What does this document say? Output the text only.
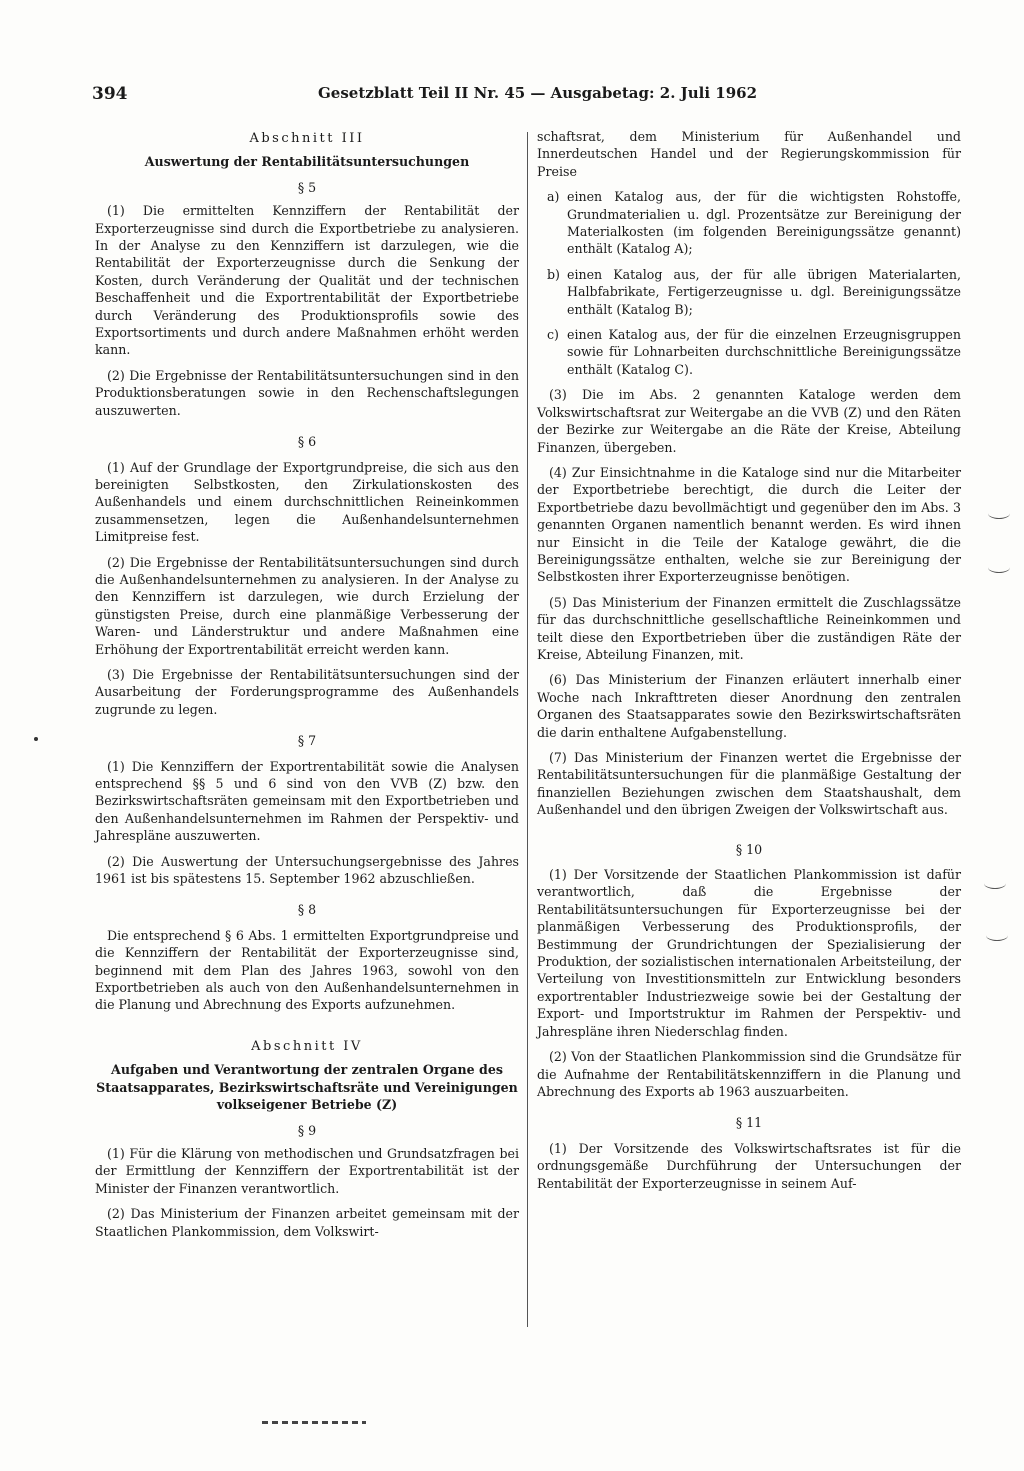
394	Gesetzblatt Teil II Nr. 45 — Ausgabetag: 2. Juli 1962
Abschnitt III
Auswertung der Rentabilitätsuntersuchungen
§ 5

(1) Die ermittelten Kennziffern der Rentabilität der Exporterzeugnisse sind durch die Exportbetriebe zu analysieren. In der Analyse zu den Kennziffern ist darzulegen, wie die Rentabilität der Exporterzeugnisse durch die Senkung der Kosten, durch Veränderung der Qualität und der technischen Beschaffenheit und die Exportrentabilität der Exportbetriebe durch Veränderung des Produktionsprofils sowie des Exportsortiments und durch andere Maßnahmen erhöht werden kann.

(2) Die Ergebnisse der Rentabilitätsuntersuchungen sind in den Produktionsberatungen sowie in den Rechenschaftslegungen auszuwerten.

§ 6

(1) Auf der Grundlage der Exportgrundpreise, die sich aus den bereinigten Selbstkosten, den Zirkulationskosten des Außenhandels und einem durchschnittlichen Reineinkommen zusammensetzen, legen die Außenhandelsunternehmen Limitpreise fest.

(2) Die Ergebnisse der Rentabilitätsuntersuchungen sind durch die Außenhandelsunternehmen zu analysieren. In der Analyse zu den Kennziffern ist darzulegen, wie durch Erzielung der günstigsten Preise, durch eine planmäßige Verbesserung der Waren- und Länderstruktur und andere Maßnahmen eine Erhöhung der Exportrentabilität erreicht werden kann.

(3) Die Ergebnisse der Rentabilitätsuntersuchungen sind der Ausarbeitung der Forderungsprogramme des Außenhandels zugrunde zu legen.

§ 7

(1) Die Kennziffern der Exportrentabilität sowie die Analysen entsprechend §§ 5 und 6 sind von den VVB (Z) bzw. den Bezirkswirtschaftsräten gemeinsam mit den Exportbetrieben und den Außenhandelsunternehmen im Rahmen der Perspektiv- und Jahrespläne auszuwerten.

(2) Die Auswertung der Untersuchungsergebnisse des Jahres 1961 ist bis spätestens 15. September 1962 abzuschließen.

§ 8

Die entsprechend § 6 Abs. 1 ermittelten Exportgrundpreise und die Kennziffern der Rentabilität der Exporterzeugnisse sind, beginnend mit dem Plan des Jahres 1963, sowohl von den Exportbetrieben als auch von den Außenhandelsunternehmen in die Planung und Abrechnung des Exports aufzunehmen.

Abschnitt IV
Aufgaben und Verantwortung der zentralen Organe des Staatsapparates, Bezirkswirtschaftsräte und Vereinigungen volkseigener Betriebe (Z)
§ 9

(1) Für die Klärung von methodischen und Grundsatzfragen bei der Ermittlung der Kennziffern der Exportrentabilität ist der Minister der Finanzen verantwortlich.

(2) Das Ministerium der Finanzen arbeitet gemeinsam mit der Staatlichen Plankommission, dem Volkswirt-

schaftsrat, dem Ministerium für Außenhandel und Innerdeutschen Handel und der Regierungskommission für Preise

a) einen Katalog aus, der für die wichtigsten Rohstoffe, Grundmaterialien u. dgl. Prozentsätze zur Bereinigung der Materialkosten (im folgenden Bereinigungssätze genannt) enthält (Katalog A);
b) einen Katalog aus, der für alle übrigen Materialarten, Halbfabrikate, Fertigerzeugnisse u. dgl. Bereinigungssätze enthält (Katalog B);
c) einen Katalog aus, der für die einzelnen Erzeugnisgruppen sowie für Lohnarbeiten durchschnittliche Bereinigungssätze enthält (Katalog C).

(3) Die im Abs. 2 genannten Kataloge werden dem Volkswirtschaftsrat zur Weitergabe an die VVB (Z) und den Räten der Bezirke zur Weitergabe an die Räte der Kreise, Abteilung Finanzen, übergeben.

(4) Zur Einsichtnahme in die Kataloge sind nur die Mitarbeiter der Exportbetriebe berechtigt, die durch die Leiter der Exportbetriebe dazu bevollmächtigt und gegenüber den im Abs. 3 genannten Organen namentlich benannt werden. Es wird ihnen nur Einsicht in die Teile der Kataloge gewährt, die die Bereinigungssätze enthalten, welche sie zur Bereinigung der Selbstkosten ihrer Exporterzeugnisse benötigen.

(5) Das Ministerium der Finanzen ermittelt die Zuschlagssätze für das durchschnittliche gesellschaftliche Reineinkommen und teilt diese den Exportbetrieben über die zuständigen Räte der Kreise, Abteilung Finanzen, mit.

(6) Das Ministerium der Finanzen erläutert innerhalb einer Woche nach Inkrafttreten dieser Anordnung den zentralen Organen des Staatsapparates sowie den Bezirkswirtschaftsräten die darin enthaltene Aufgabenstellung.

(7) Das Ministerium der Finanzen wertet die Ergebnisse der Rentabilitätsuntersuchungen für die planmäßige Gestaltung der finanziellen Beziehungen zwischen dem Staatshaushalt, dem Außenhandel und den übrigen Zweigen der Volkswirtschaft aus.

§ 10

(1) Der Vorsitzende der Staatlichen Plankommission ist dafür verantwortlich, daß die Ergebnisse der Rentabilitätsuntersuchungen für Exporterzeugnisse bei der planmäßigen Verbesserung des Produktionsprofils, der Bestimmung der Grundrichtungen der Spezialisierung der Produktion, der sozialistischen internationalen Arbeitsteilung, der Verteilung von Investitionsmitteln zur Entwicklung besonders exportrentabler Industriezweige sowie bei der Gestaltung der Export- und Importstruktur im Rahmen der Perspektiv- und Jahrespläne ihren Niederschlag finden.

(2) Von der Staatlichen Plankommission sind die Grundsätze für die Aufnahme der Rentabilitätskennziffern in die Planung und Abrechnung des Exports ab 1963 auszuarbeiten.

§ 11

(1) Der Vorsitzende des Volkswirtschaftsrates ist für die ordnungsgemäße Durchführung der Untersuchungen der Rentabilität der Exporterzeugnisse in seinem Auf-
